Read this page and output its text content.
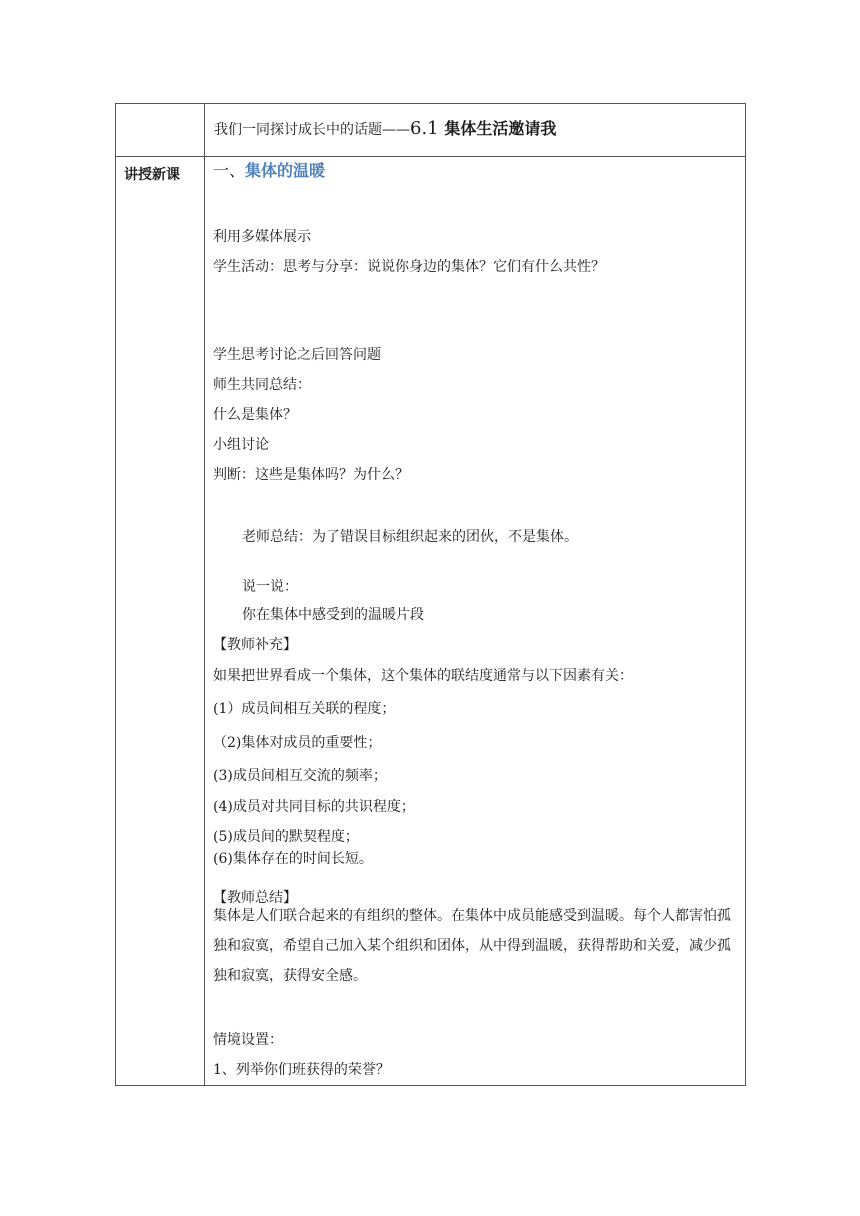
我们一同探讨成长中的话题——6.1 集体生活邀请我
讲授新课 一、集体的温暖
利用多媒体展示
学生活动：思考与分享：说说你身边的集体？它们有什么共性？
学生思考讨论之后回答问题
师生共同总结：
什么是集体？
小组讨论
判断：这些是集体吗？为什么？
老师总结：为了错误目标组织起来的团伙，不是集体。
说一说：
你在集体中感受到的温暖片段
【教师补充】
如果把世界看成一个集体，这个集体的联结度通常与以下因素有关：
(1）成员间相互关联的程度；
（2)集体对成员的重要性；
(3)成员间相互交流的频率；
(4)成员对共同目标的共识程度；
(5)成员间的默契程度；
(6)集体存在的时间长短。
【教师总结】
集体是人们联合起来的有组织的整体。在集体中成员能感受到温暖。每个人都害怕孤独和寂寞，希望自己加入某个组织和团体，从中得到温暖，获得帮助和关爱，减少孤独和寂寞，获得安全感。
情境设置：
1、列举你们班获得的荣誉？
